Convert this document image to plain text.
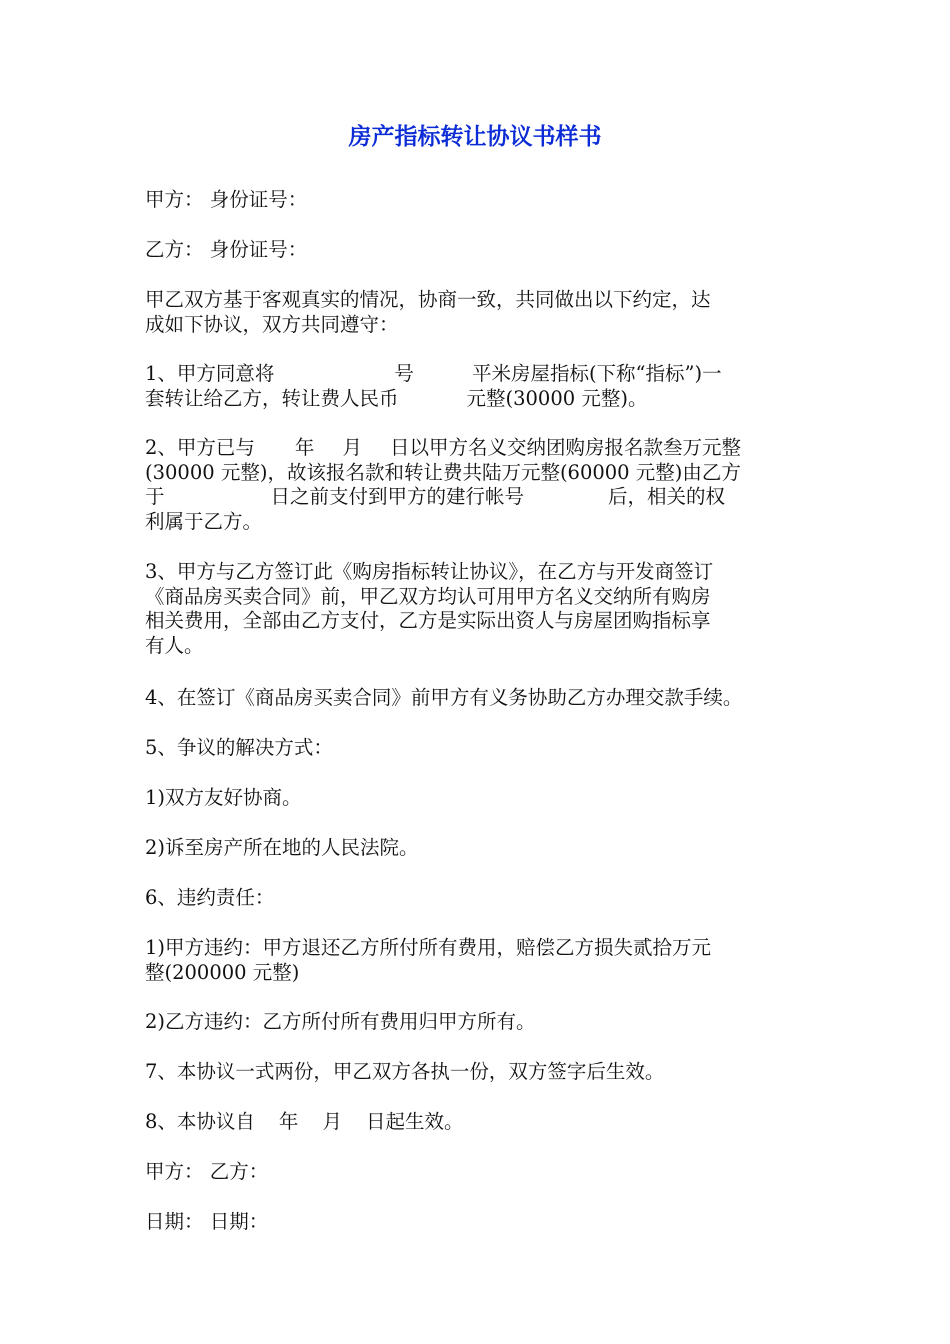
房产指标转让协议书样书
甲方： 身份证号：
乙方： 身份证号：
甲乙双方基于客观真实的情况，协商一致，共同做出以下约定，达
成如下协议，双方共同遵守：
1、甲方同意将	号	平米房屋指标(下称“指标”)一
套转让给乙方，转让费人民币	元整(30000 元整)。
2、甲方已与 年 月 日以甲方名义交纳团购房报名款叁万元整
(30000 元整)，故该报名款和转让费共陆万元整(60000 元整)由乙方
于	日之前支付到甲方的建行帐号	后，相关的权
利属于乙方。
3、甲方与乙方签订此《购房指标转让协议》，在乙方与开发商签订
《商品房买卖合同》前，甲乙双方均认可用甲方名义交纳所有购房
相关费用，全部由乙方支付，乙方是实际出资人与房屋团购指标享
有人。
4、在签订《商品房买卖合同》前甲方有义务协助乙方办理交款手续。
5、争议的解决方式：
1)双方友好协商。
2)诉至房产所在地的人民法院。
6、违约责任：
1)甲方违约：甲方退还乙方所付所有费用，赔偿乙方损失贰拾万元
整(200000 元整)
2)乙方违约：乙方所付所有费用归甲方所有。
7、本协议一式两份，甲乙双方各执一份，双方签字后生效。
8、本协议自 年 月 日起生效。
甲方： 乙方：
日期： 日期：
